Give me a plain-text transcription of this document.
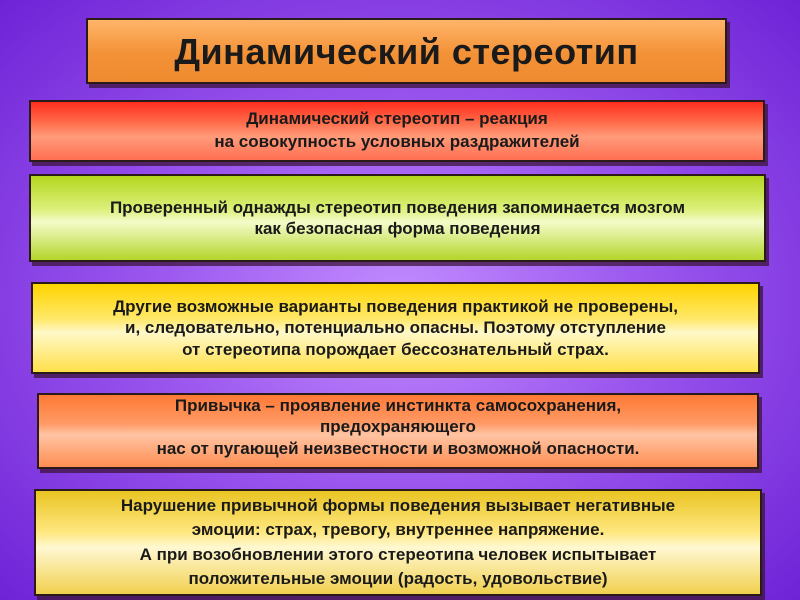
Динамический стереотип
Динамический стереотип – реакция
на совокупность условных раздражителей
Проверенный однажды стереотип поведения запоминается мозгом
как безопасная форма поведения
Другие возможные варианты поведения практикой не проверены,
и, следовательно, потенциально опасны. Поэтому отступление
от стереотипа порождает бессознательный страх.
Привычка – проявление инстинкта самосохранения,
предохраняющего
нас от пугающей неизвестности и возможной опасности.
Нарушение привычной формы поведения вызывает негативные
эмоции: страх, тревогу, внутреннее напряжение.
А при возобновлении этого стереотипа человек испытывает
положительные эмоции (радость, удовольствие)
